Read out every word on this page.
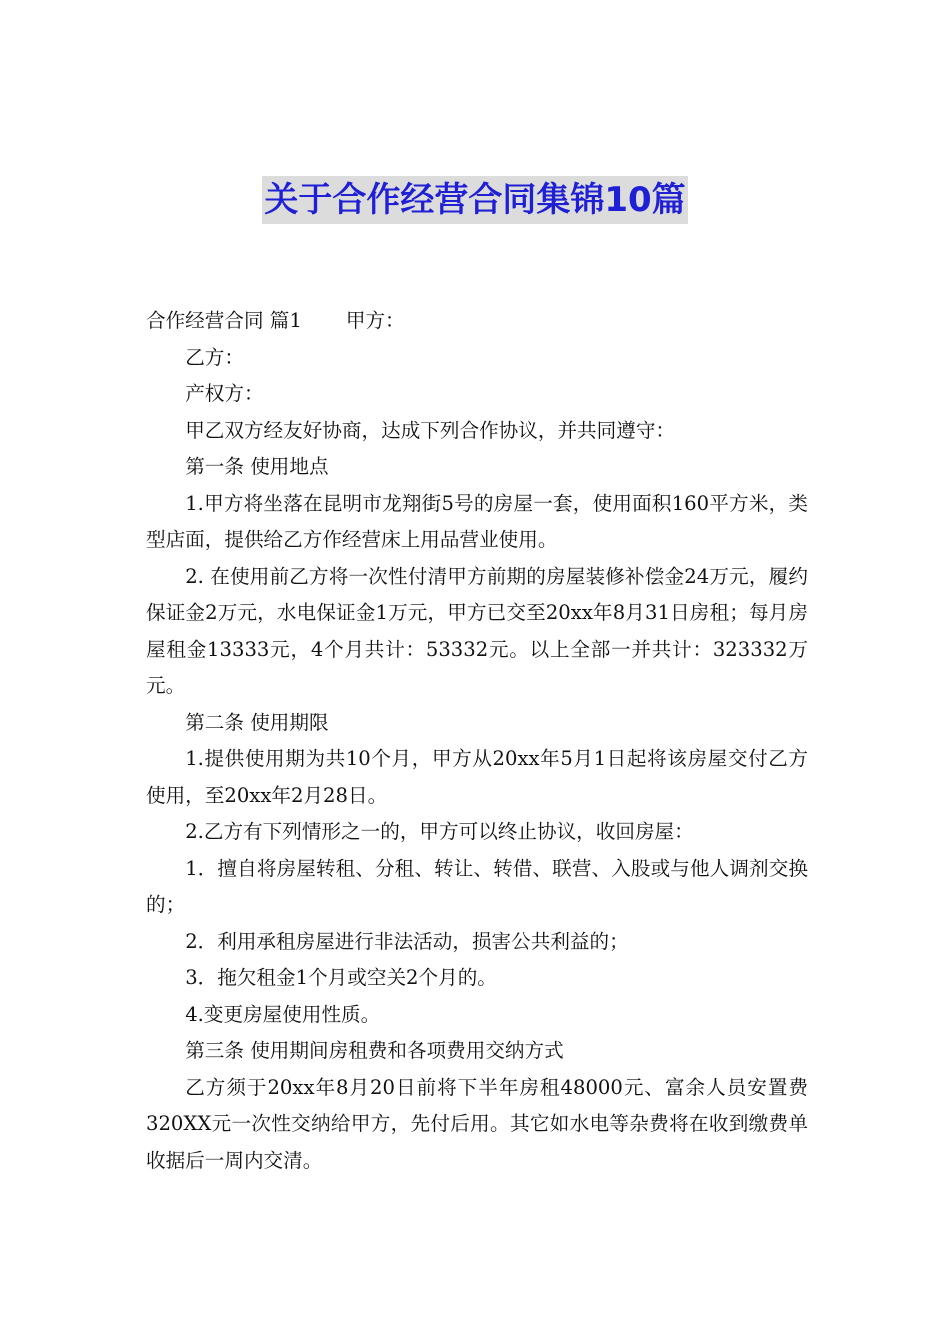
关于合作经营合同集锦10篇

合作经营合同 篇1 甲方：

乙方：

产权方：

甲乙双方经友好协商，达成下列合作协议，并共同遵守：

第一条 使用地点

1.甲方将坐落在昆明市龙翔街5号的房屋一套，使用面积160平方米，类型店面，提供给乙方作经营床上用品营业使用。

2. 在使用前乙方将一次性付清甲方前期的房屋装修补偿金24万元，履约保证金2万元，水电保证金1万元，甲方已交至20xx年8月31日房租；每月房屋租金13333元，4个月共计：53332元。以上全部一并共计：323332万元。

第二条 使用期限

1.提供使用期为共10个月，甲方从20xx年5月1日起将该房屋交付乙方使用，至20xx年2月28日。

2.乙方有下列情形之一的，甲方可以终止协议，收回房屋：

1．擅自将房屋转租、分租、转让、转借、联营、入股或与他人调剂交换的；

2．利用承租房屋进行非法活动，损害公共利益的；

3．拖欠租金1个月或空关2个月的。

4.变更房屋使用性质。

第三条 使用期间房租费和各项费用交纳方式

乙方须于20xx年8月20日前将下半年房租48000元、富余人员安置费320XX元一次性交纳给甲方，先付后用。其它如水电等杂费将在收到缴费单收据后一周内交清。
